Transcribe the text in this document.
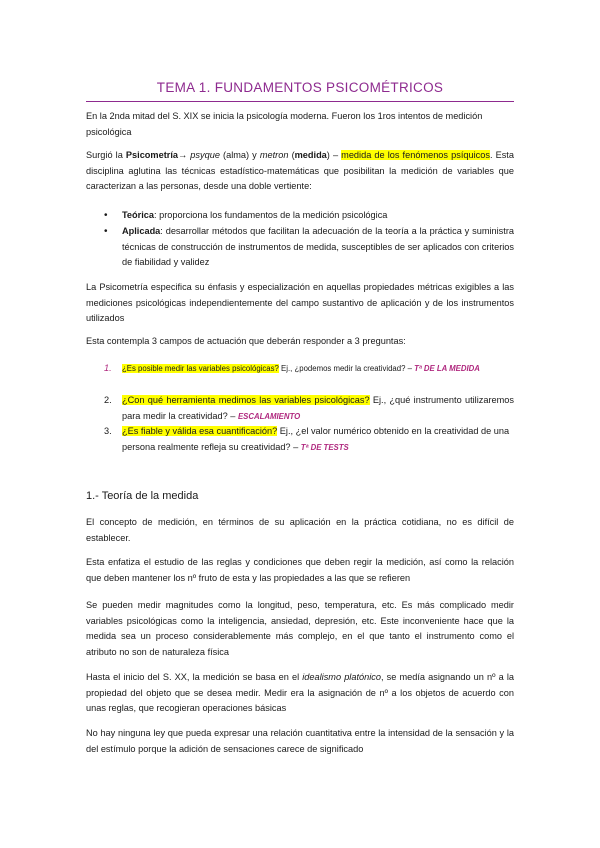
TEMA 1. FUNDAMENTOS PSICOMÉTRICOS

En la 2nda mitad del S. XIX se inicia la psicología moderna. Fueron los 1ros intentos de medición psicológica

Surgió la Psicometría→ psyque (alma) y metron (medida) – medida de los fenómenos psíquicos. Esta disciplina aglutina las técnicas estadístico-matemáticas que posibilitan la medición de variables que caracterizan a las personas, desde una doble vertiente:

• Teórica: proporciona los fundamentos de la medición psicológica

• Aplicada: desarrollar métodos que facilitan la adecuación de la teoría a la práctica y suministra técnicas de construcción de instrumentos de medida, susceptibles de ser aplicados con criterios de fiabilidad y validez

La Psicometría especifica su énfasis y especialización en aquellas propiedades métricas exigibles a las mediciones psicológicas independientemente del campo sustantivo de aplicación y de los instrumentos utilizados

Esta contempla 3 campos de actuación que deberán responder a 3 preguntas:

1. ¿Es posible medir las variables psicológicas? Ej., ¿podemos medir la creatividad? – Tª DE LA MEDIDA

2. ¿Con qué herramienta medimos las variables psicológicas? Ej., ¿qué instrumento utilizaremos para medir la creatividad? – ESCALAMIENTO

3. ¿Es fiable y válida esa cuantificación? Ej., ¿el valor numérico obtenido en la creatividad de una persona realmente refleja su creatividad? – Tª DE TESTS

1.- Teoría de la medida

El concepto de medición, en términos de su aplicación en la práctica cotidiana, no es difícil de establecer.

Esta enfatiza el estudio de las reglas y condiciones que deben regir la medición, así como la relación que deben mantener los nº fruto de esta y las propiedades a las que se refieren

Se pueden medir magnitudes como la longitud, peso, temperatura, etc. Es más complicado medir variables psicológicas como la inteligencia, ansiedad, depresión, etc. Este inconveniente hace que la medida sea un proceso considerablemente más complejo, en el que tanto el instrumento como el atributo no son de naturaleza física

Hasta el inicio del S. XX, la medición se basa en el idealismo platónico, se medía asignando un nº a la propiedad del objeto que se desea medir. Medir era la asignación de nº a los objetos de acuerdo con unas reglas, que recogieran operaciones básicas

No hay ninguna ley que pueda expresar una relación cuantitativa entre la intensidad de la sensación y la del estímulo porque la adición de sensaciones carece de significado
